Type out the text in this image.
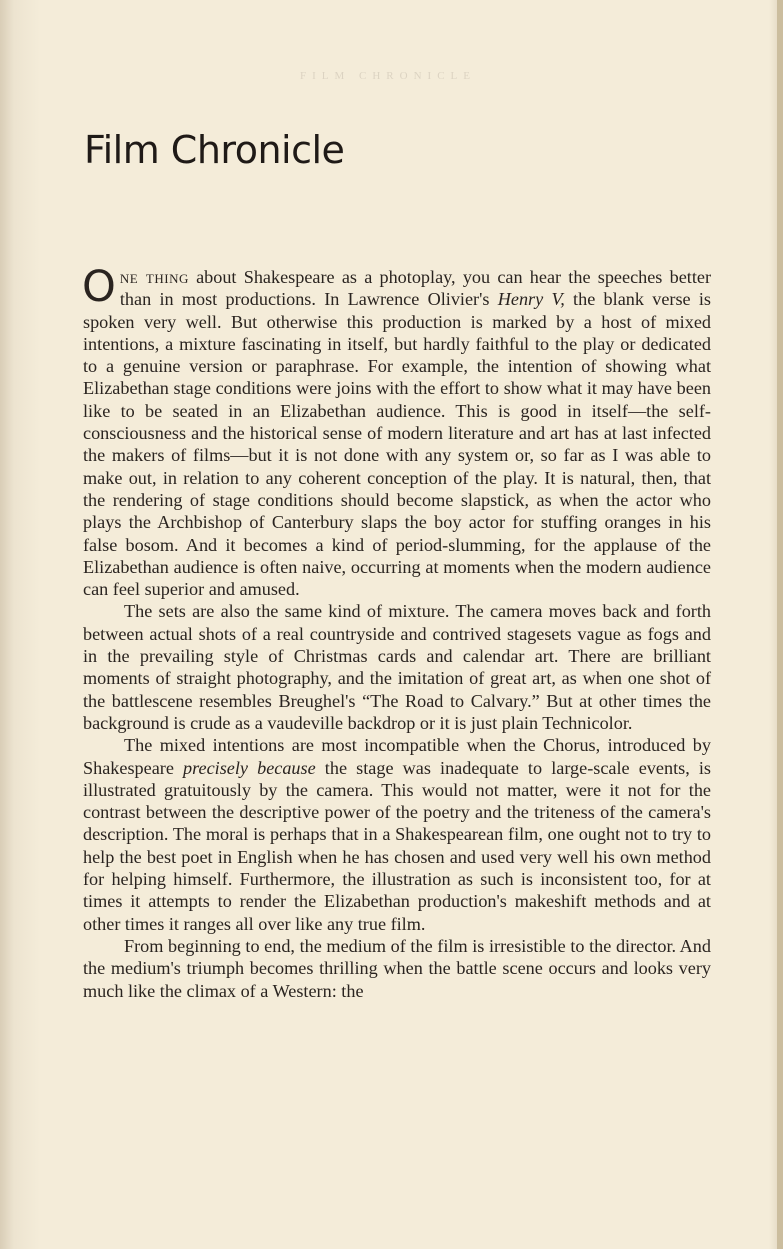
FILM CHRONICLE
Film Chronicle

One thing about Shakespeare as a photoplay, you can hear the speeches better than in most productions. In Lawrence Olivier's Henry V, the blank verse is spoken very well. But otherwise this production is marked by a host of mixed intentions, a mixture fascinating in itself, but hardly faithful to the play or dedicated to a genuine version or paraphrase. For example, the intention of showing what Elizabethan stage conditions were joins with the effort to show what it may have been like to be seated in an Elizabethan audience. This is good in itself—the self-consciousness and the historical sense of modern literature and art has at last infected the makers of films—but it is not done with any system or, so far as I was able to make out, in relation to any coherent conception of the play. It is natural, then, that the rendering of stage conditions should become slapstick, as when the actor who plays the Archbishop of Canterbury slaps the boy actor for stuffing oranges in his false bosom. And it becomes a kind of period-slumming, for the applause of the Elizabethan audience is often naive, occurring at moments when the modern audience can feel superior and amused.

The sets are also the same kind of mixture. The camera moves back and forth between actual shots of a real countryside and contrived stagesets vague as fogs and in the prevailing style of Christmas cards and calendar art. There are brilliant moments of straight photography, and the imitation of great art, as when one shot of the battlescene resembles Breughel's “The Road to Calvary.” But at other times the background is crude as a vaudeville backdrop or it is just plain Technicolor.

The mixed intentions are most incompatible when the Chorus, introduced by Shakespeare precisely because the stage was inadequate to large-scale events, is illustrated gratuitously by the camera. This would not matter, were it not for the contrast between the descriptive power of the poetry and the triteness of the camera's description. The moral is perhaps that in a Shakespearean film, one ought not to try to help the best poet in English when he has chosen and used very well his own method for helping himself. Furthermore, the illustration as such is inconsistent too, for at times it attempts to render the Elizabethan production's makeshift methods and at other times it ranges all over like any true film.

From beginning to end, the medium of the film is irresistible to the director. And the medium's triumph becomes thrilling when the battle scene occurs and looks very much like the climax of a Western: the
